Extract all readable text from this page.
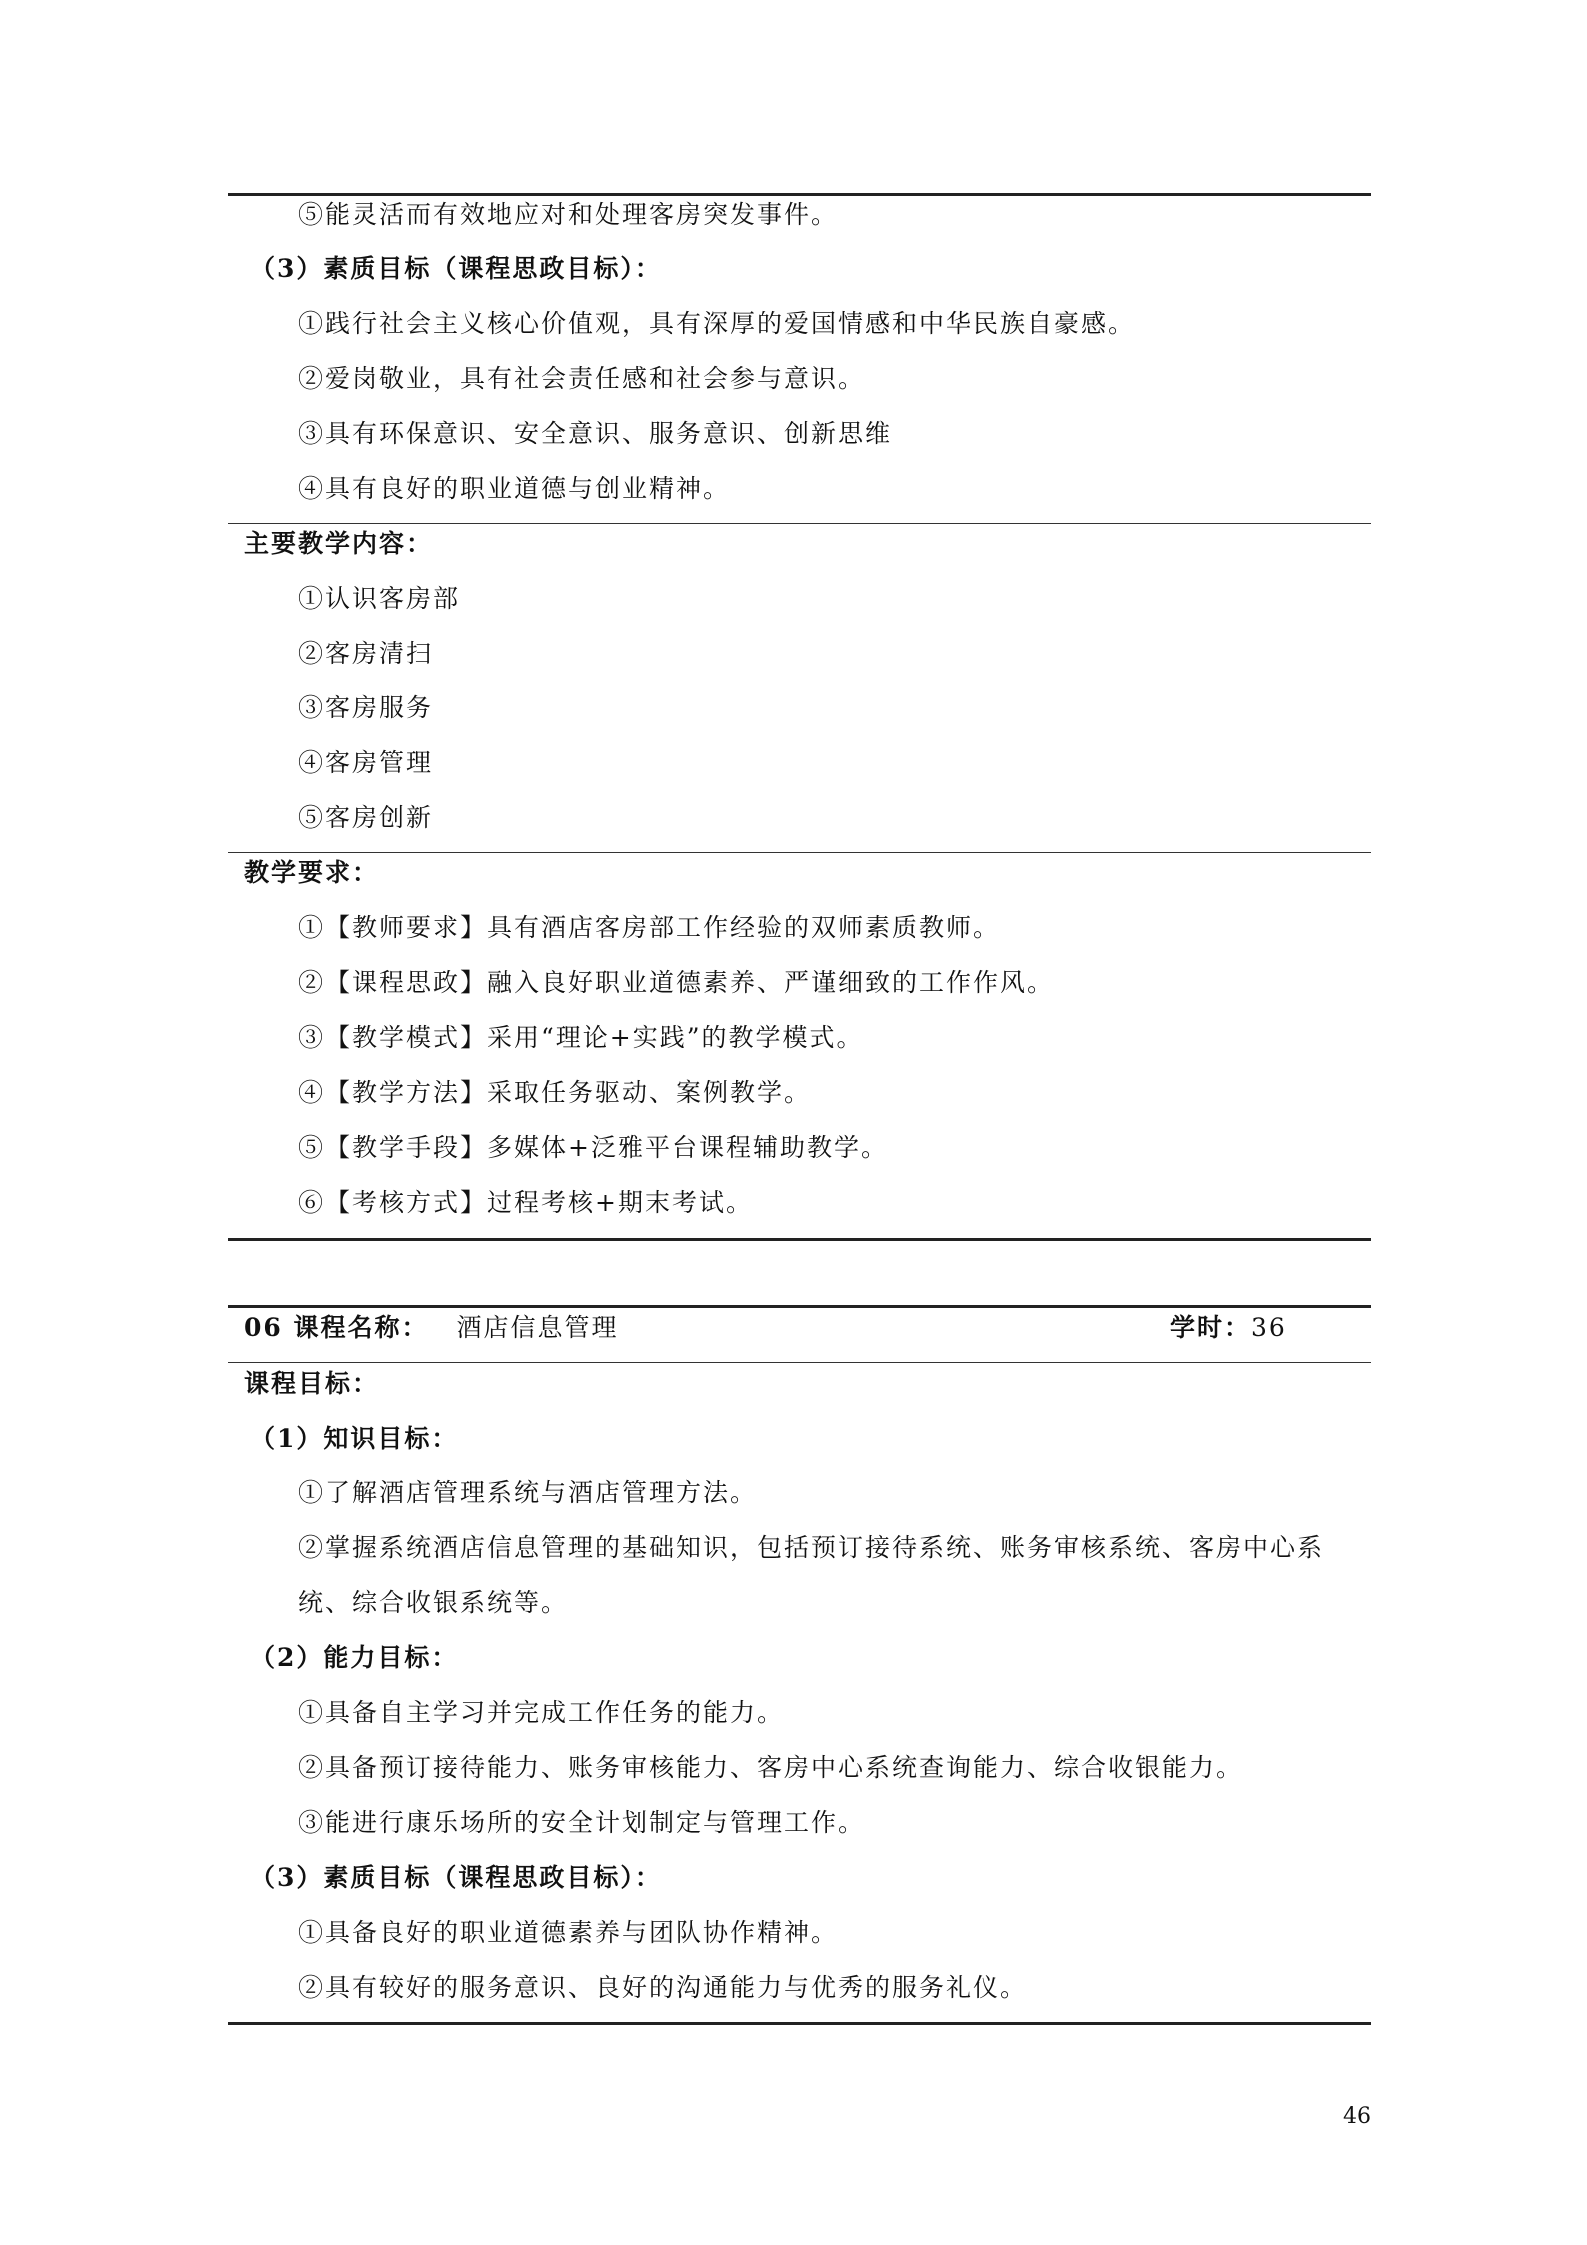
⑤能灵活而有效地应对和处理客房突发事件。
（3）素质目标（课程思政目标）：
①践行社会主义核心价值观，具有深厚的爱国情感和中华民族自豪感。
②爱岗敬业，具有社会责任感和社会参与意识。
③具有环保意识、安全意识、服务意识、创新思维
④具有良好的职业道德与创业精神。
主要教学内容：
①认识客房部
②客房清扫
③客房服务
④客房管理
⑤客房创新
教学要求：
①【教师要求】具有酒店客房部工作经验的双师素质教师。
②【课程思政】融入良好职业道德素养、严谨细致的工作作风。
③【教学模式】采用“理论+实践”的教学模式。
④【教学方法】采取任务驱动、案例教学。
⑤【教学手段】多媒体+泛雅平台课程辅助教学。
⑥【考核方式】过程考核+期末考试。
06 课程名称： 酒店信息管理	学时：36
课程目标：
（1）知识目标：
①了解酒店管理系统与酒店管理方法。
②掌握系统酒店信息管理的基础知识，包括预订接待系统、账务审核系统、客房中心系
统、综合收银系统等。
（2）能力目标：
①具备自主学习并完成工作任务的能力。
②具备预订接待能力、账务审核能力、客房中心系统查询能力、综合收银能力。
③能进行康乐场所的安全计划制定与管理工作。
（3）素质目标（课程思政目标）：
①具备良好的职业道德素养与团队协作精神。
②具有较好的服务意识、良好的沟通能力与优秀的服务礼仪。
46
